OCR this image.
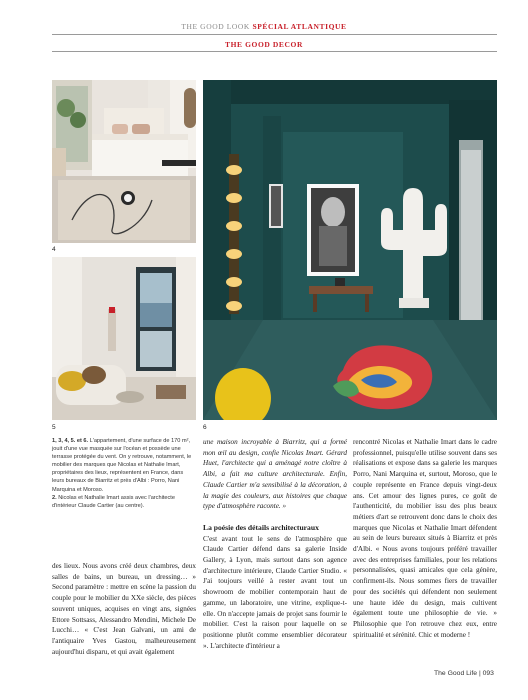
THE GOOD LOOK SPÉCIAL ATLANTIQUE
THE GOOD DECOR
4
5	6
1, 3, 4, 5. et 6. L'appartement, d'une surface de 170 m², jouit d'une vue masquée sur l'océan et possède une terrasse protégée du vent. On y retrouve, notamment, le mobilier des marques que Nicolas et Nathalie Imart, propriétaires des lieux, représentent en France, dans leurs bureaux de Biarritz et près d'Albi : Porro, Nani Marquina et Moroso.
2. Nicolas et Nathalie Imart assis avec l'architecte d'intérieur Claude Cartier (au centre).

des lieux. Nous avons créé deux chambres, deux salles de bains, un bureau, un dressing… » Second paramètre : mettre en scène la passion du couple pour le mobilier du XXe siècle, des pièces souvent uniques, acquises en vingt ans, signées Ettore Sottsass, Alessandro Mendini, Michele De Lucchi… « C'est Jean Galvani, un ami de l'antiquaire Yves Gastou, malheureusement aujourd'hui disparu, et qui avait également

une maison incroyable à Biarritz, qui a formé mon œil au design, confie Nicolas Imart. Gérard Huet, l'architecte qui a aménagé notre cloître à Albi, a fait ma culture architecturale. Enfin, Claude Cartier m'a sensibilisé à la décoration, à la magie des couleurs, aux histoires que chaque type d'atmosphère raconte. »

La poésie des détails architecturaux

C'est avant tout le sens de l'atmosphère que Claude Cartier défend dans sa galerie Inside Gallery, à Lyon, mais surtout dans son agence d'architecture intérieure, Claude Cartier Studio. « J'ai toujours veillé à rester avant tout un showroom de mobilier contemporain haut de gamme, un laboratoire, une vitrine, explique-t-elle. On n'accepte jamais de projet sans fournir le mobilier. C'est la raison pour laquelle on se positionne plutôt comme ensemblier décorateur ». L'architecte d'intérieur a

rencontré Nicolas et Nathalie Imart dans le cadre professionnel, puisqu'elle utilise souvent dans ses réalisations et expose dans sa galerie les marques Porro, Nani Marquina et, surtout, Moroso, que le couple représente en France depuis vingt-deux ans. Cet amour des lignes pures, ce goût de l'authenticité, du mobilier issu des plus beaux métiers d'art se retrouvent donc dans le choix des marques que Nicolas et Nathalie Imart défendent au sein de leurs bureaux situés à Biarritz et près d'Albi. « Nous avons toujours préféré travailler avec des entreprises familiales, pour les relations personnalisées, quasi amicales que cela génère, confirment-ils. Nous sommes fiers de travailler pour des sociétés qui défendent non seulement une haute idée du design, mais cultivent également toute une philosophie de vie. » Philosophie que l'on retrouve chez eux, entre spiritualité et sérénité. Chic et moderne !

The Good Life | 093
